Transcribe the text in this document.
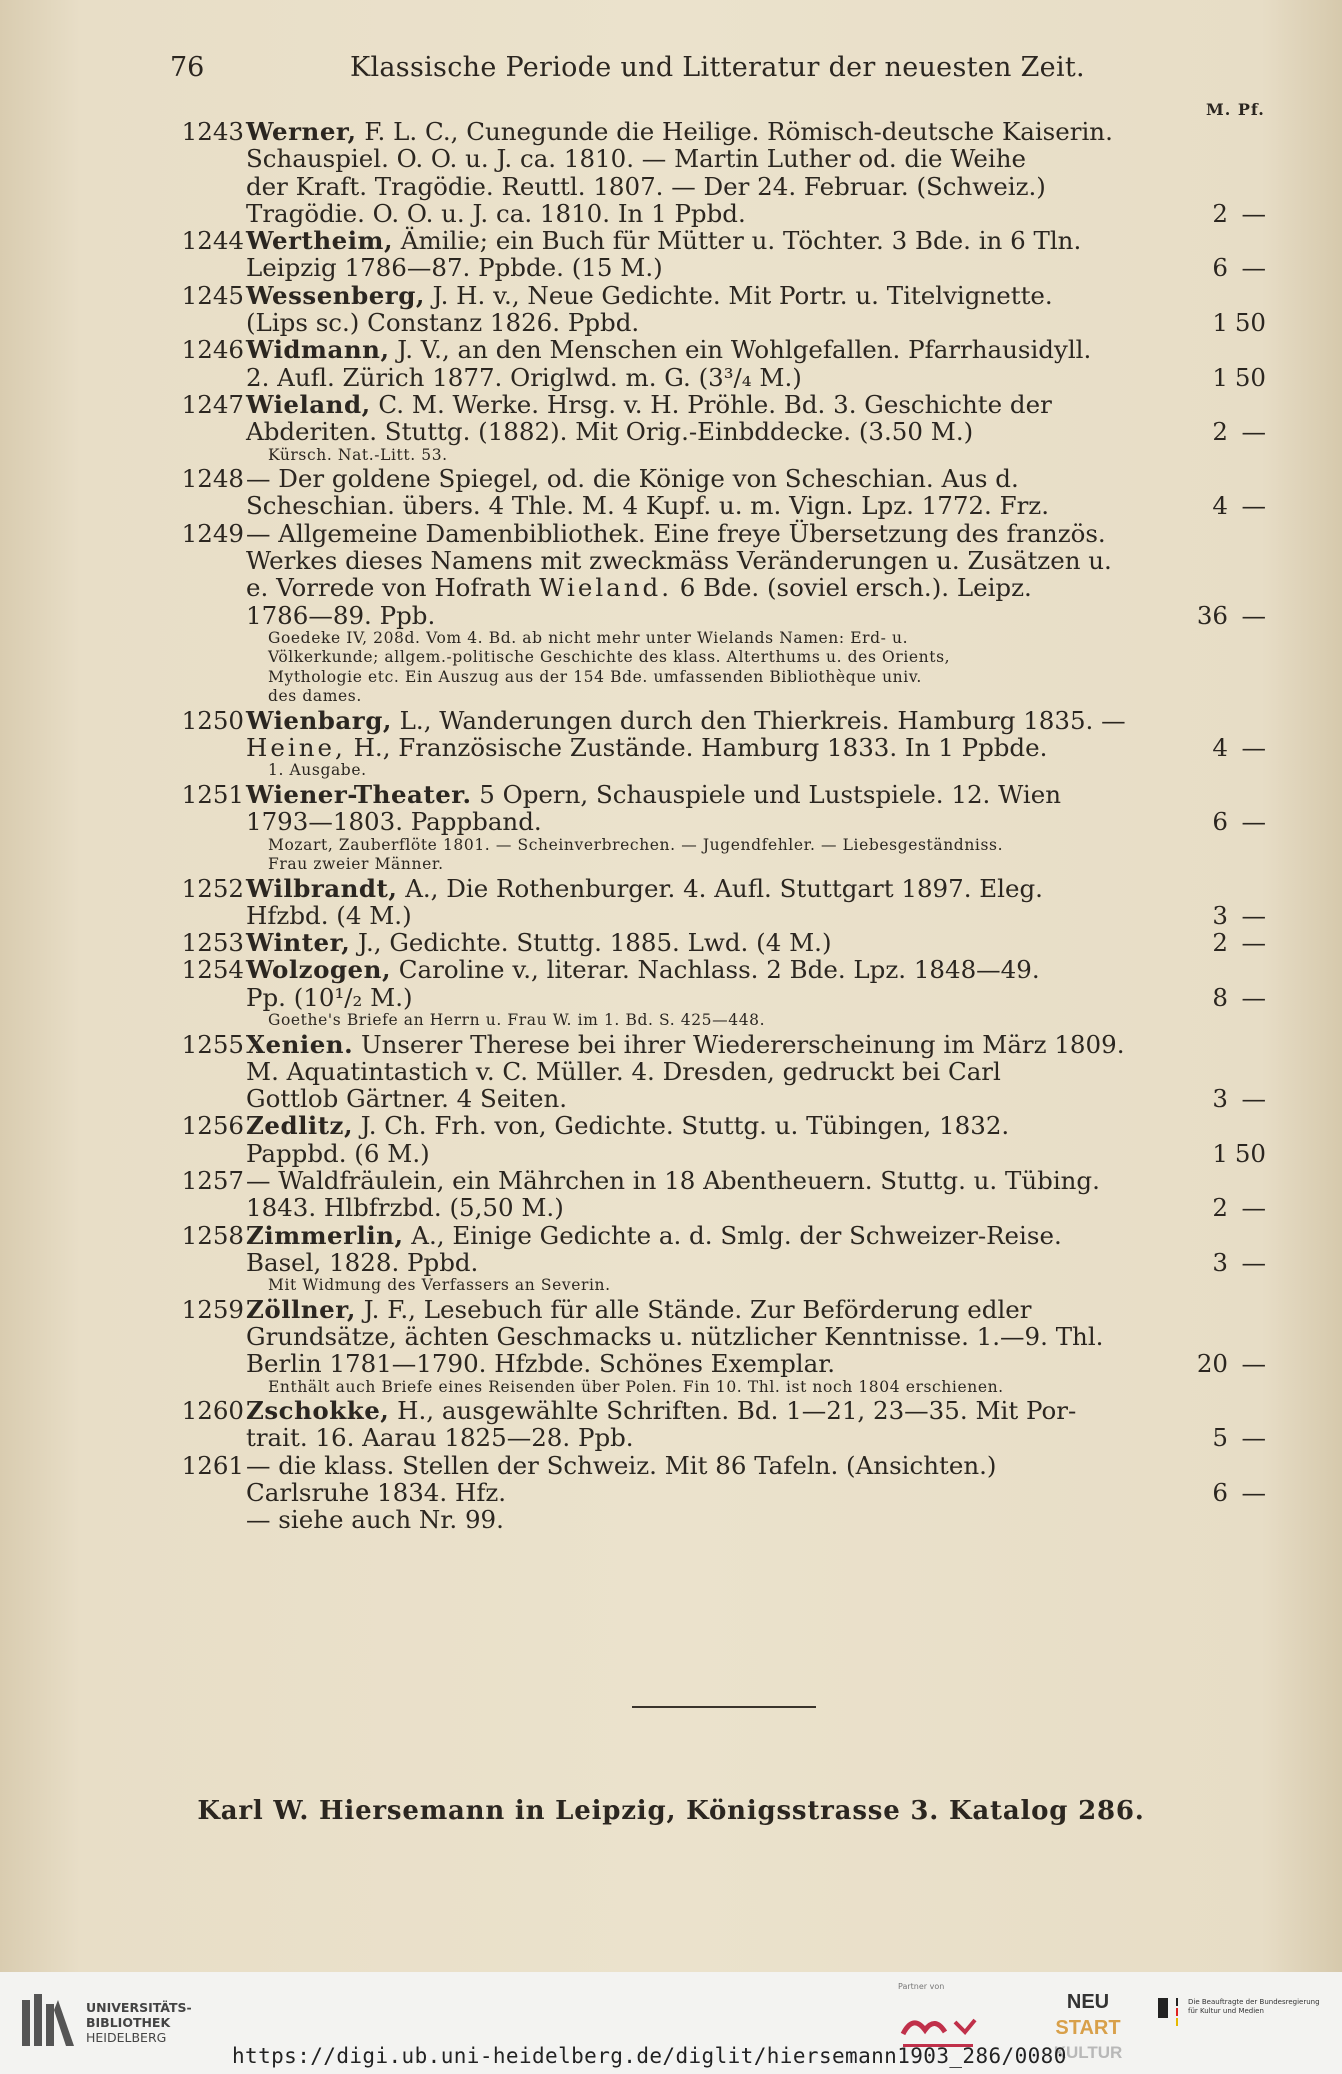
76	Klassische Periode und Litteratur der neuesten Zeit.
M. Pf.
1243 Werner, F. L. C., Cunegunde die Heilige. Römisch-deutsche Kaiserin.
Schauspiel. O. O. u. J. ca. 1810. — Martin Luther od. die Weihe
der Kraft. Tragödie. Reuttl. 1807. — Der 24. Februar. (Schweiz.)
Tragödie. O. O. u. J. ca. 1810. In 1 Ppbd.	2 —
1244 Wertheim, Ämilie; ein Buch für Mütter u. Töchter. 3 Bde. in 6 Tln.
Leipzig 1786—87. Ppbde. (15 M.)	6 —
1245 Wessenberg, J. H. v., Neue Gedichte. Mit Portr. u. Titelvignette.
(Lips sc.) Constanz 1826. Ppbd.	1 50
1246 Widmann, J. V., an den Menschen ein Wohlgefallen. Pfarrhausidyll.
2. Aufl. Zürich 1877. Origlwd. m. G. (3³/₄ M.)	1 50
1247 Wieland, C. M. Werke. Hrsg. v. H. Pröhle. Bd. 3. Geschichte der
Abderiten. Stuttg. (1882). Mit Orig.-Einbddecke. (3.50 M.)	2 —
Kürsch. Nat.-Litt. 53.
1248 — Der goldene Spiegel, od. die Könige von Scheschian. Aus d.
Scheschian. übers. 4 Thle. M. 4 Kupf. u. m. Vign. Lpz. 1772. Frz.	4 —
1249 — Allgemeine Damenbibliothek. Eine freye Übersetzung des französ.
Werkes dieses Namens mit zweckmäss Veränderungen u. Zusätzen u.
e. Vorrede von Hofrath Wieland. 6 Bde. (soviel ersch.). Leipz.
1786—89. Ppb.	36 —
Goedeke IV, 208d. Vom 4. Bd. ab nicht mehr unter Wielands Namen: Erd- u.
Völkerkunde; allgem.-politische Geschichte des klass. Alterthums u. des Orients,
Mythologie etc. Ein Auszug aus der 154 Bde. umfassenden Bibliothèque univ.
des dames.
1250 Wienbarg, L., Wanderungen durch den Thierkreis. Hamburg 1835. —
Heine, H., Französische Zustände. Hamburg 1833. In 1 Ppbde.	4 —
1. Ausgabe.
1251 Wiener-Theater. 5 Opern, Schauspiele und Lustspiele. 12. Wien
1793—1803. Pappband.	6 —
Mozart, Zauberflöte 1801. — Scheinverbrechen. — Jugendfehler. — Liebesgeständniss.
Frau zweier Männer.
1252 Wilbrandt, A., Die Rothenburger. 4. Aufl. Stuttgart 1897. Eleg.
Hfzbd. (4 M.)	3 —
1253 Winter, J., Gedichte. Stuttg. 1885. Lwd. (4 M.)	2 —
1254 Wolzogen, Caroline v., literar. Nachlass. 2 Bde. Lpz. 1848—49.
Pp. (10¹/₂ M.)	8 —
Goethe's Briefe an Herrn u. Frau W. im 1. Bd. S. 425—448.
1255 Xenien. Unserer Therese bei ihrer Wiedererscheinung im März 1809.
M. Aquatintastich v. C. Müller. 4. Dresden, gedruckt bei Carl
Gottlob Gärtner. 4 Seiten.	3 —
1256 Zedlitz, J. Ch. Frh. von, Gedichte. Stuttg. u. Tübingen, 1832.
Pappbd. (6 M.)	1 50
1257 — Waldfräulein, ein Mährchen in 18 Abentheuern. Stuttg. u. Tübing.
1843. Hlbfrzbd. (5,50 M.)	2 —
1258 Zimmerlin, A., Einige Gedichte a. d. Smlg. der Schweizer-Reise.
Basel, 1828. Ppbd.	3 —
Mit Widmung des Verfassers an Severin.
1259 Zöllner, J. F., Lesebuch für alle Stände. Zur Beförderung edler
Grundsätze, ächten Geschmacks u. nützlicher Kenntnisse. 1.—9. Thl.
Berlin 1781—1790. Hfzbde. Schönes Exemplar.	20 —
Enthält auch Briefe eines Reisenden über Polen. Fin 10. Thl. ist noch 1804 erschienen.
1260 Zschokke, H., ausgewählte Schriften. Bd. 1—21, 23—35. Mit Por-
trait. 16. Aarau 1825—28. Ppb.	5 —
1261 — die klass. Stellen der Schweiz. Mit 86 Tafeln. (Ansichten.)
Carlsruhe 1834. Hfz.	6 —
— siehe auch Nr. 99.
Karl W. Hiersemann in Leipzig, Königsstrasse 3. Katalog 286.
UNIVERSITÄTS-
BIBLIOTHEK
HEIDELBERG
Partner von
NEU
START
KULTUR
Die Beauftragte der Bundesregierung
für Kultur und Medien
https://digi.ub.uni-heidelberg.de/diglit/hiersemann1903_286/0080
